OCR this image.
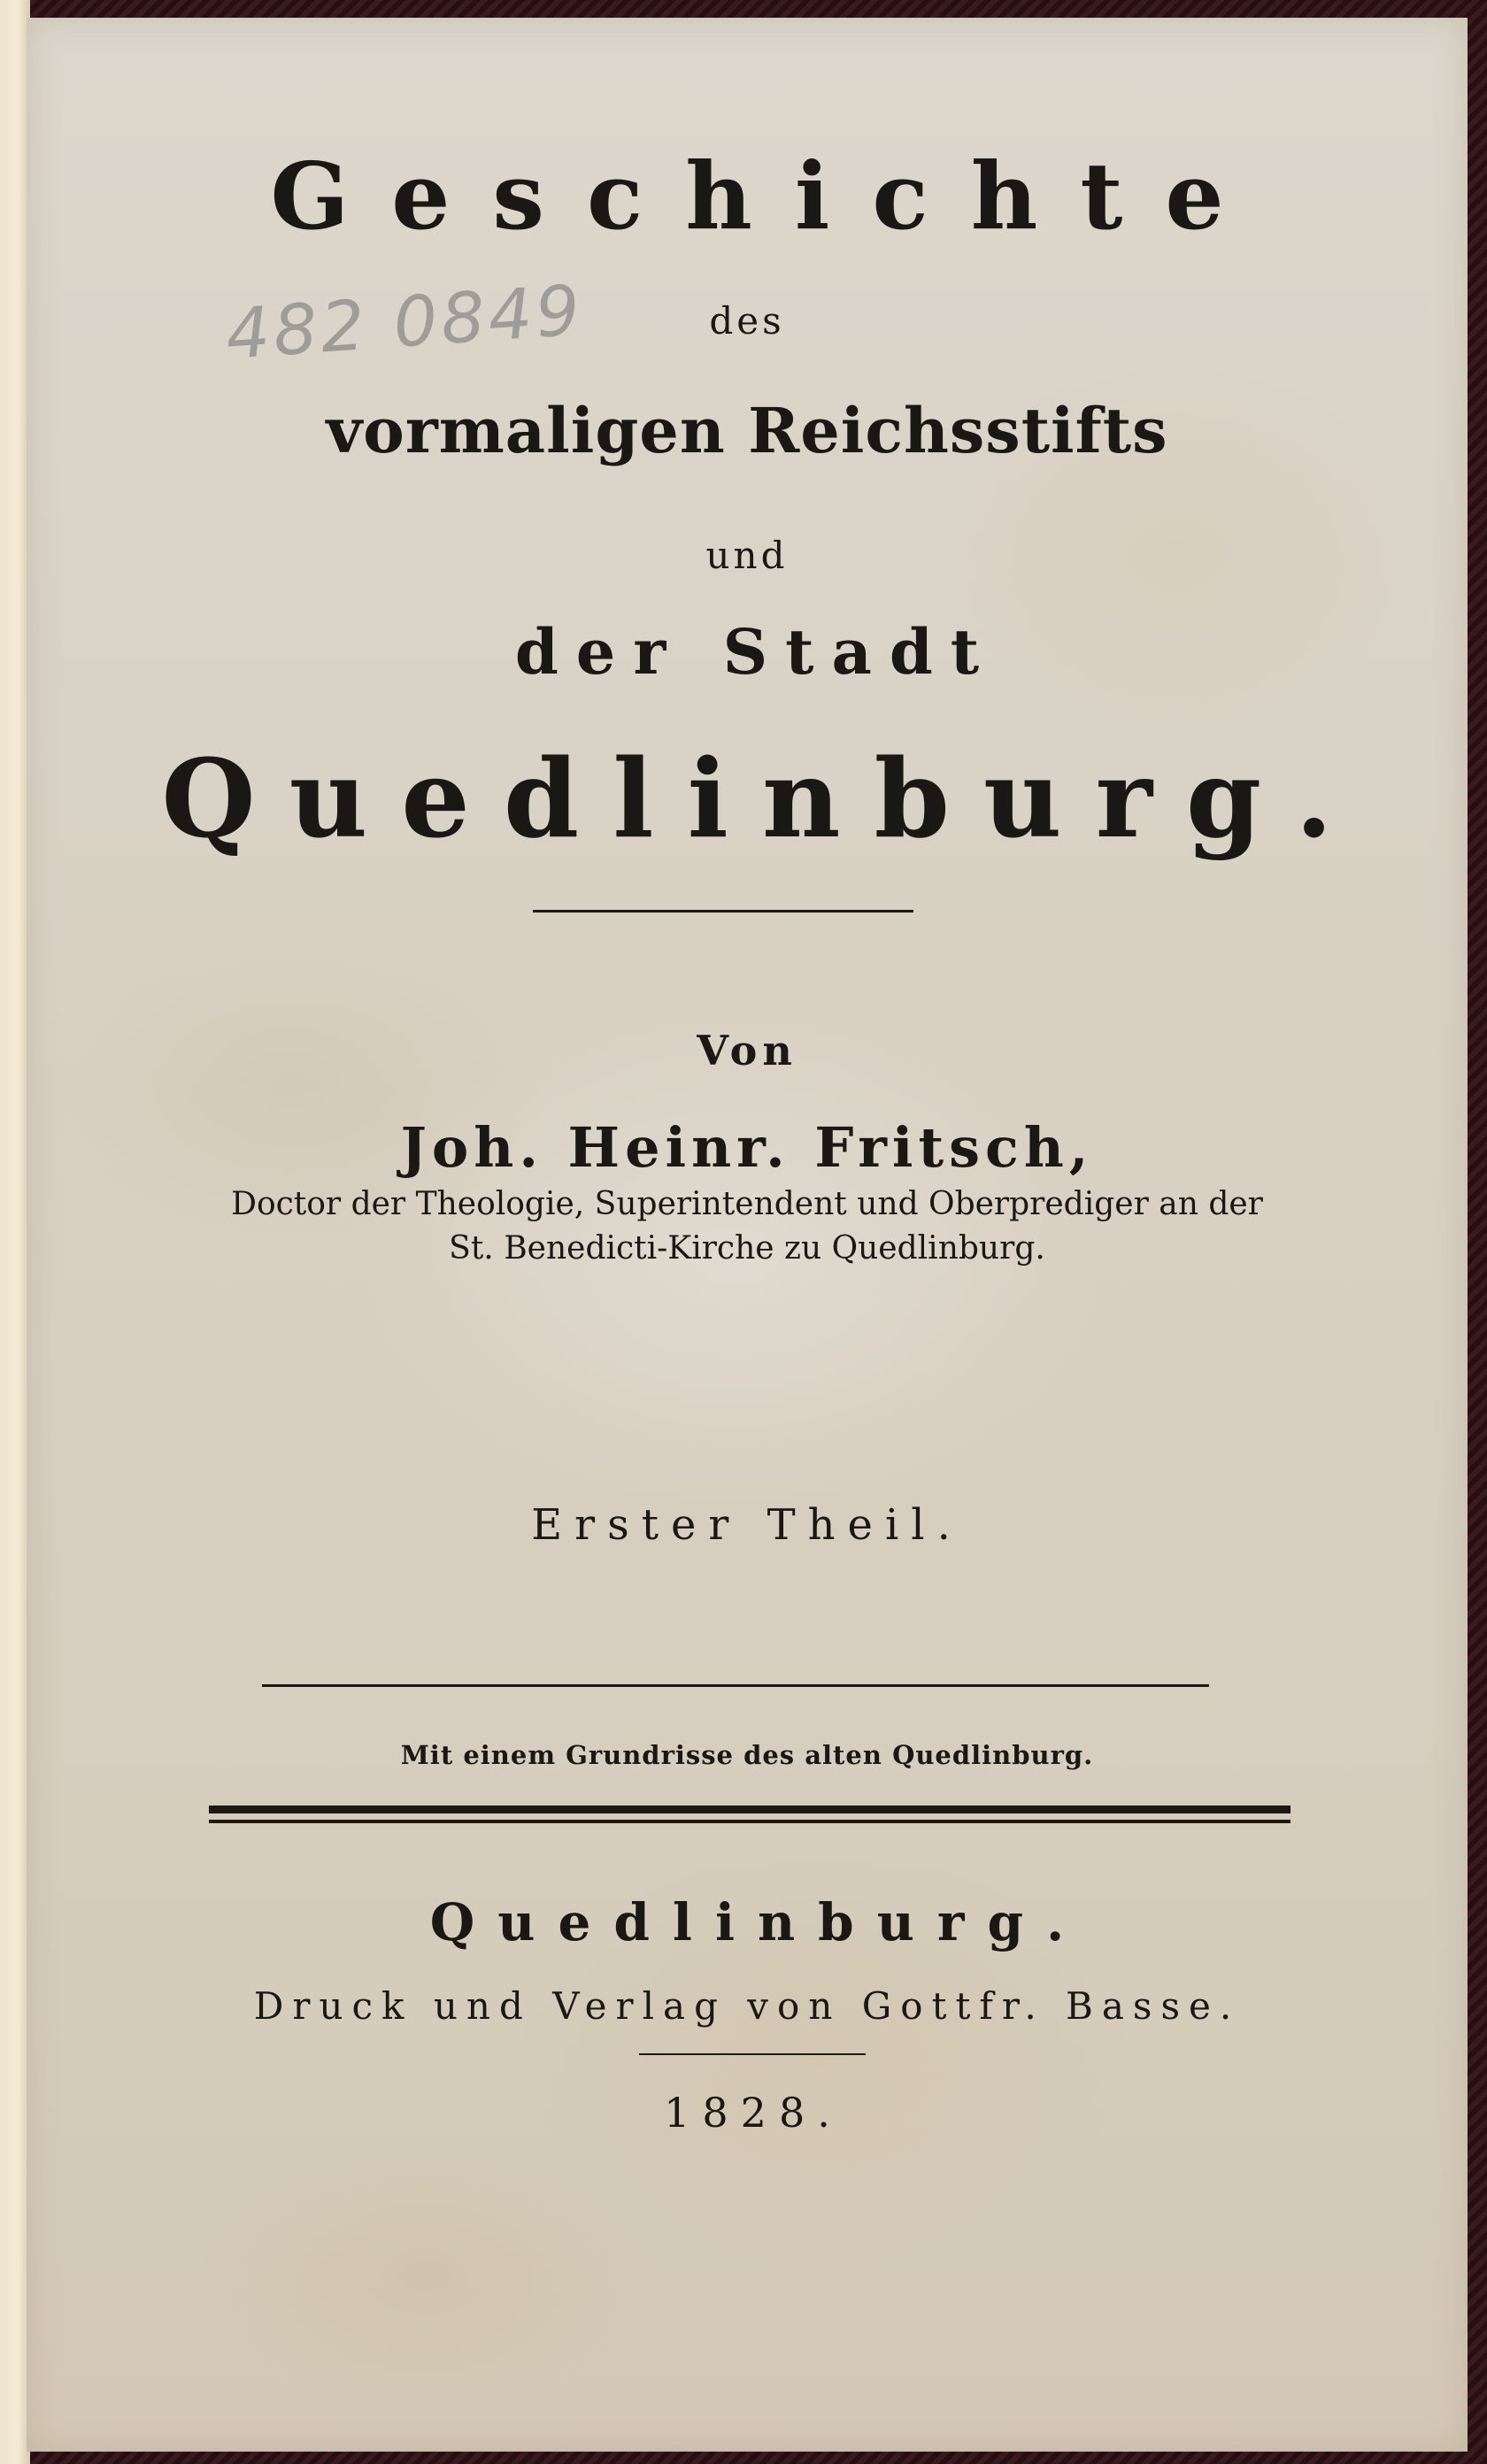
482 0849
Geschichte
des
vormaligen Reichsstifts
und
der Stadt
Quedlinburg.
Von
Joh. Heinr. Fritsch,
Doctor der Theologie, Superintendent und Oberprediger an der
St. Benedicti-Kirche zu Quedlinburg.
Erster Theil.
Mit einem Grundrisse des alten Quedlinburg.
Quedlinburg.
Druck und Verlag von Gottfr. Basse.
1828.
